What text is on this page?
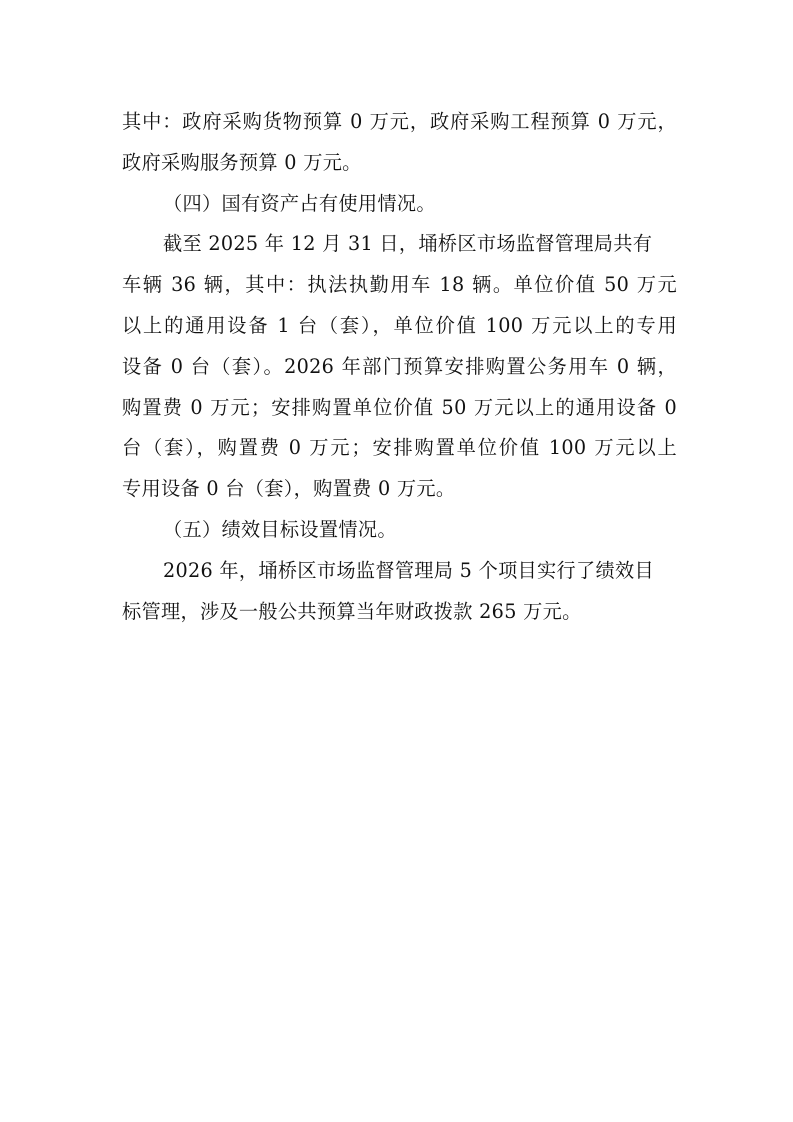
其中：政府采购货物预算 0 万元，政府采购工程预算 0 万元，
政府采购服务预算 0 万元。
（四）国有资产占有使用情况。
截至 2025 年 12 月 31 日，埇桥区市场监督管理局共有
车辆 36 辆，其中：执法执勤用车 18 辆。单位价值 50 万元
以上的通用设备 1 台（套），单位价值 100 万元以上的专用
设备 0 台（套）。2026 年部门预算安排购置公务用车 0 辆，
购置费 0 万元；安排购置单位价值 50 万元以上的通用设备 0
台（套），购置费 0 万元；安排购置单位价值 100 万元以上
专用设备 0 台（套），购置费 0 万元。
（五）绩效目标设置情况。
2026 年，埇桥区市场监督管理局 5 个项目实行了绩效目
标管理，涉及一般公共预算当年财政拨款 265 万元。
